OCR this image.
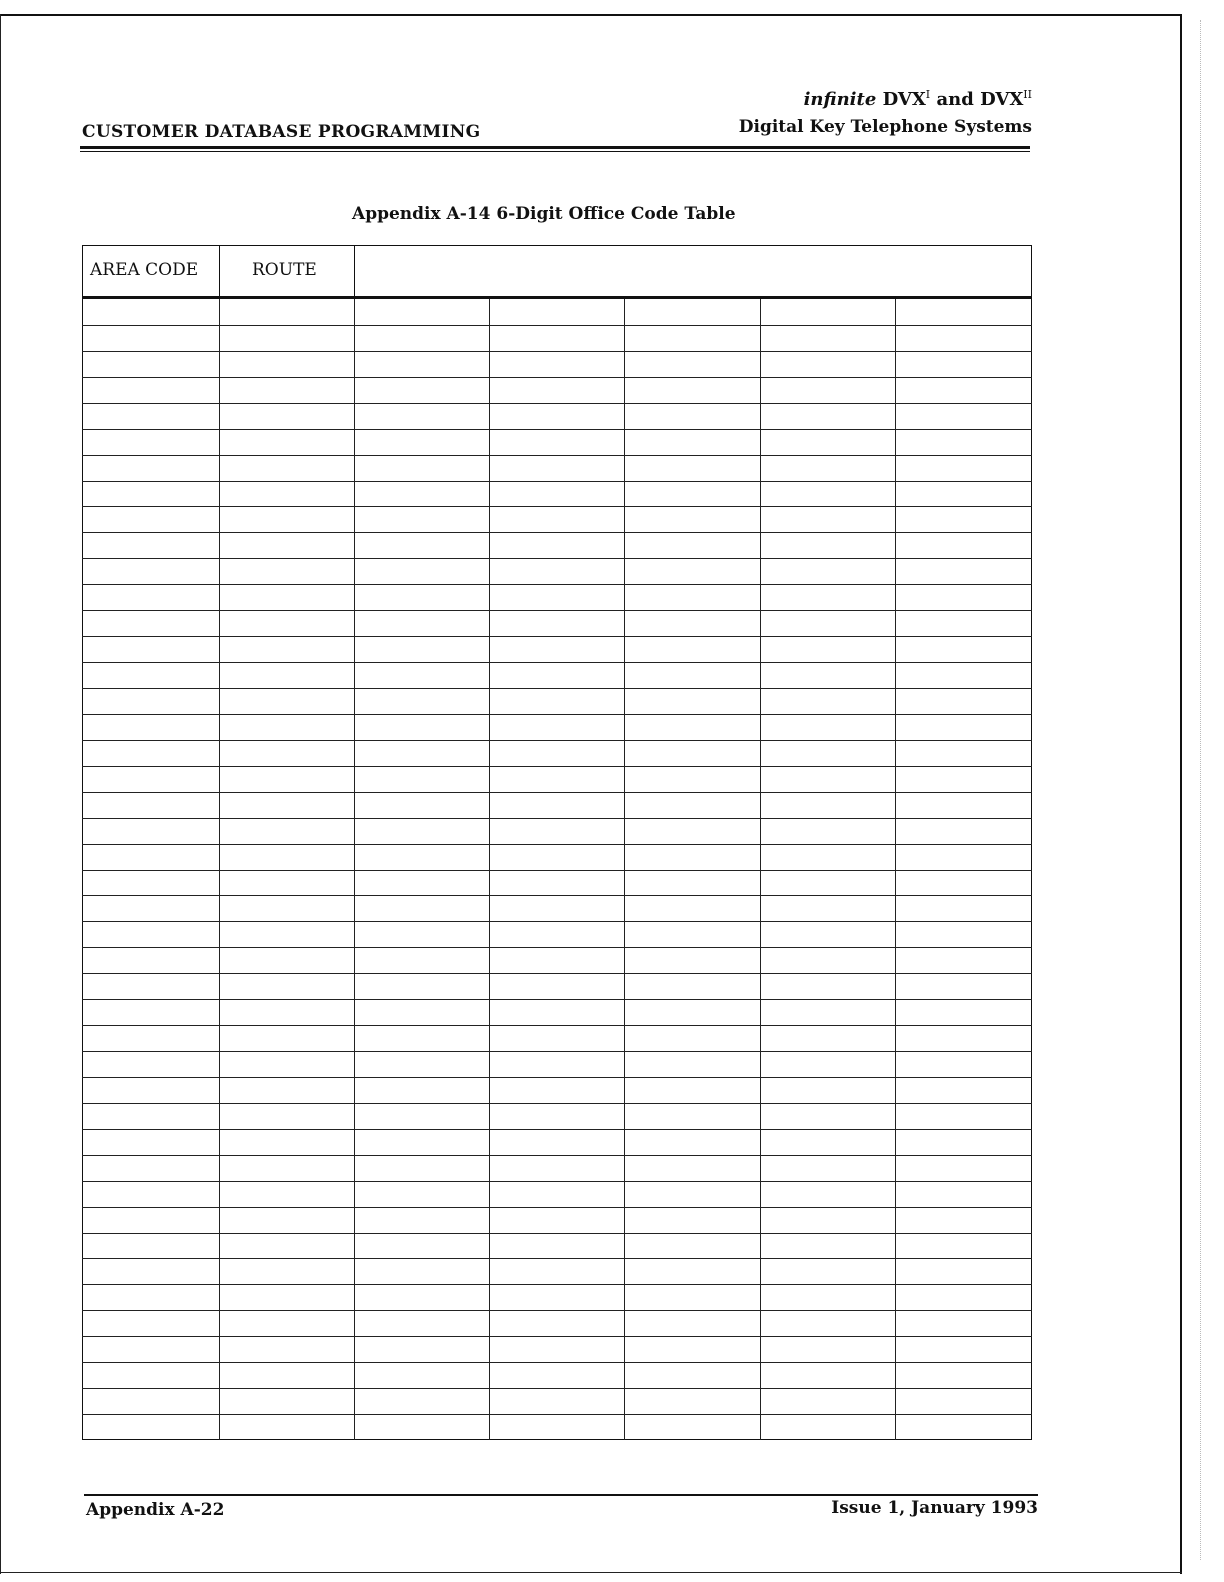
CUSTOMER DATABASE PROGRAMMING
infinite $DVX^I$ and $DVX^{II}$
Digital Key Telephone Systems
Appendix A-14 6-Digit Office Code Table
AREA CODE	ROUTE
Appendix A-22	Issue 1, January 1993
